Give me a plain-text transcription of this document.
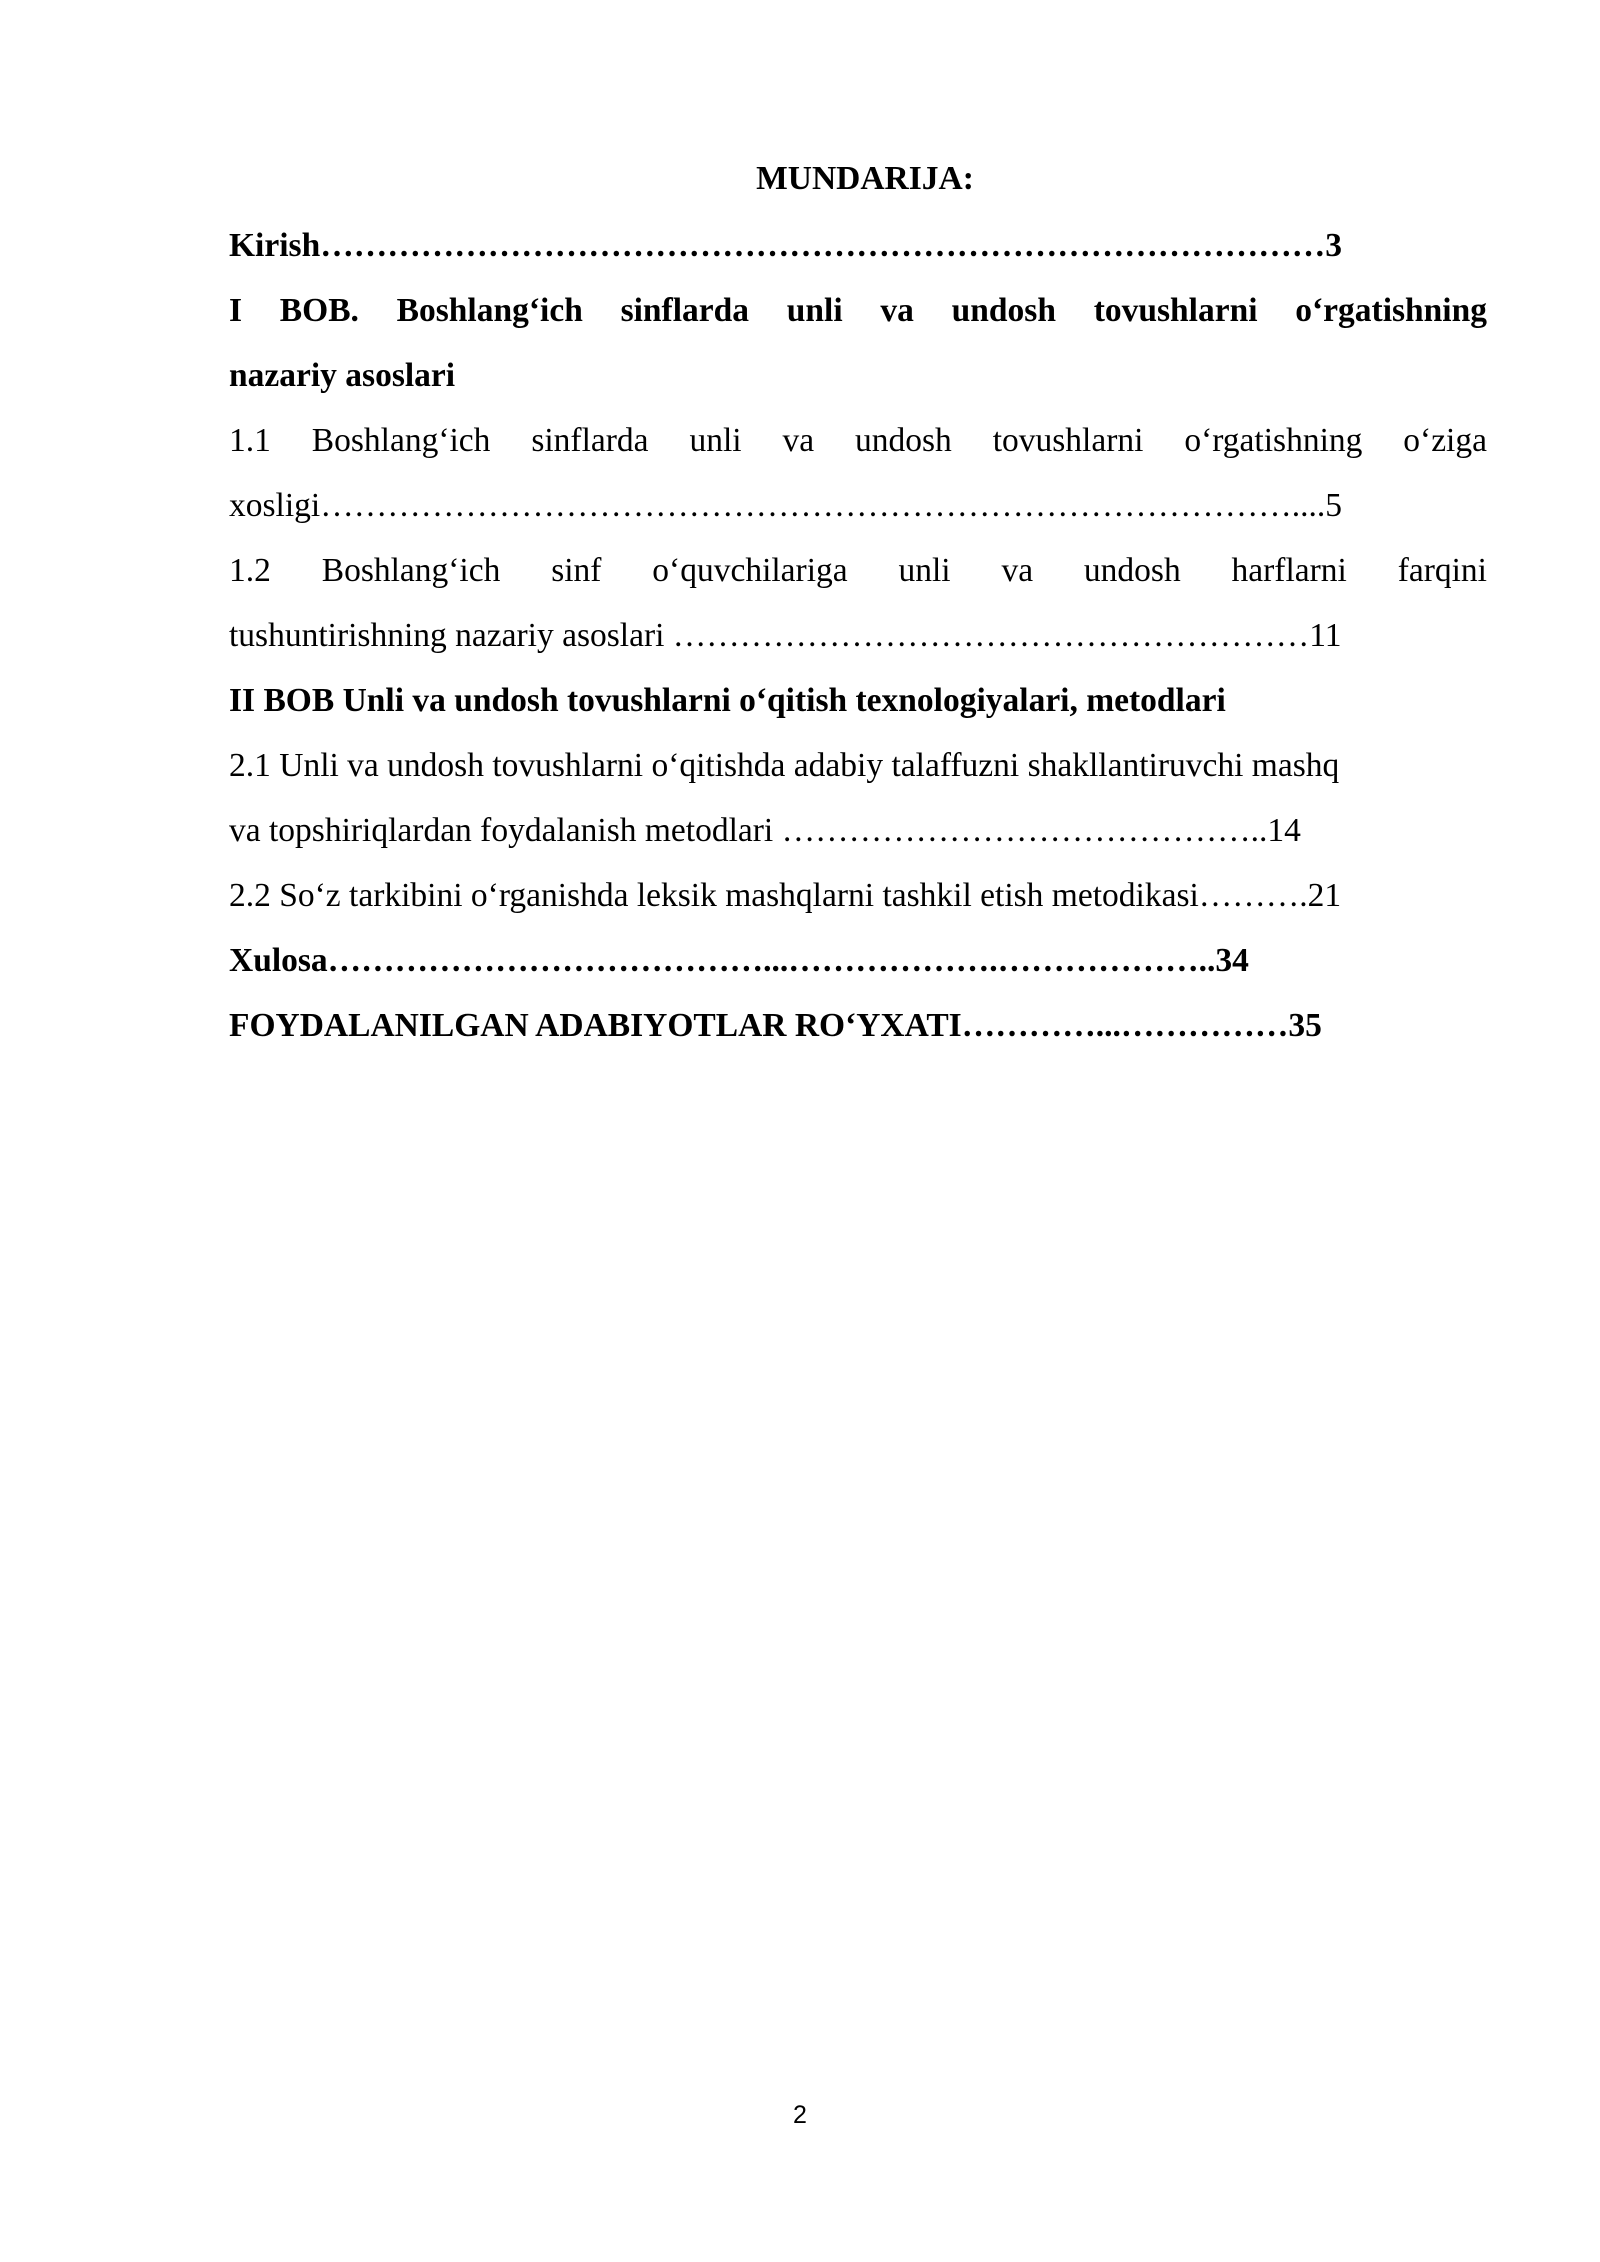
MUNDARIJA:
Kirish………………………………………………………………………………3
I BOB. Boshlang‘ich sinflarda unli va undosh tovushlarni o‘rgatishning
nazariy asoslari
1.1 Boshlang‘ich sinflarda unli va undosh tovushlarni o‘rgatishning o‘ziga
xosligi……………………………………………………………………………....5
1.2 Boshlang‘ich sinf o‘quvchilariga unli va undosh harflarni farqini
tushuntirishning nazariy asoslari …………………………………………………11
II BOB Unli va undosh tovushlarni o‘qitish texnologiyalari, metodlari
2.1 Unli va undosh tovushlarni o‘qitishda adabiy talaffuzni shakllantiruvchi mashq
va topshiriqlardan foydalanish metodlari ……………………………………..14
2.2 So‘z tarkibini o‘rganishda leksik mashqlarni tashkil etish metodikasi……….21
Xulosa…………………………………...……………….………………..34
FOYDALANILGAN ADABIYOTLAR RO‘YXATI…………...……………35
2
